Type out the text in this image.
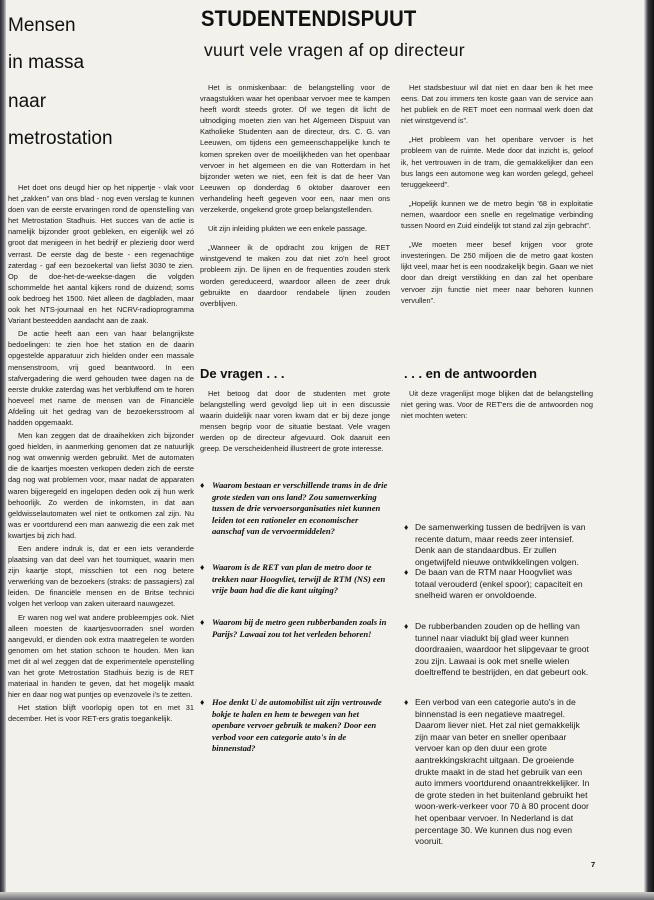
Mensen
in massa
naar
metrostation

Het doet ons deugd hier op het nippertje - vlak voor het „zakken” van ons blad - nog even verslag te kunnen doen van de eerste ervaringen rond de openstelling van het Metrostation Stadhuis. Het succes van de actie is namelijk bijzonder groot gebleken, en eigenlijk wel zó groot dat menigeen in het bedrijf er plezierig door werd verrast. De eerste dag de beste - een regenachtige zaterdag - gaf een bezoekertal van liefst 3030 te zien. Op de doe-het-de-weekse-dagen die volgden schommelde het aantal kijkers rond de duizend; soms ook bedroeg het 1500. Niet alleen de dagbladen, maar ook het NTS-journaal en het NCRV-radioprogramma Variant besteedden aandacht aan de zaak.

De actie heeft aan een van haar belangrijkste bedoelingen: te zien hoe het station en de daarin opgestelde apparatuur zich hielden onder een massale mensenstroom, vrij goed beantwoord. In een stafvergadering die werd gehouden twee dagen na de eerste drukke zaterdag was het verbluffend om te horen hoeveel met name de mensen van de Financiële Afdeling uit het gedrag van de bezoekersstroom al hadden opgemaakt.

Men kan zeggen dat de draaihekken zich bijzonder goed hielden, in aanmerking genomen dat ze natuurlijk nog wat onwennig werden gebruikt. Met de automaten die de kaartjes moesten verkopen deden zich de eerste dag nog wat problemen voor, maar nadat de apparaten waren bijgeregeld en ingelopen deden ook zij hun werk behoorlijk. Zo werden de inkomsten, in dat aan geldwisselautomaten wel niet te ontkomen zal zijn. Nu was er voortdurend een man aanwezig die een zak met kwartjes bij zich had.

Een andere indruk is, dat er een iets veranderde plaatsing van dat deel van het tourniquet, waarin men zijn kaartje stopt, misschien tot een nog betere verwerking van de bezoekers (straks: de passagiers) zal leiden. De financiële mensen en de Britse technici volgen het verloop van zaken uiteraard nauwgezet.

Er waren nog wel wat andere probleempjes ook. Niet alleen moesten de kaartjesvoorraden snel worden aangevuld, er dienden ook extra maatregelen te worden genomen om het station schoon te houden. Men kan met dit al wel zeggen dat de experimentele openstelling van het grote Metrostation Stadhuis bezig is de RET materiaal in handen te geven, dat het mogelijk maakt hier en daar nog wat puntjes op evenzovele i's te zetten.

Het station blijft voorlopig open tot en met 31 december. Het is voor RET-ers gratis toegankelijk.

STUDENTENDISPUUT
vuurt vele vragen af op directeur

Het is onmiskenbaar: de belangstelling voor de vraagstukken waar het openbaar vervoer mee te kampen heeft wordt steeds groter. Of we tegen dit licht de uitnodiging moeten zien van het Algemeen Dispuut van Katholieke Studenten aan de directeur, drs. C. G. van Leeuwen, om tijdens een gemeenschappelijke lunch te komen spreken over de moeilijkheden van het openbaar vervoer in het algemeen en die van Rotterdam in het bijzonder weten we niet, een feit is dat de heer Van Leeuwen op donderdag 6 oktober daarover een verhandeling heeft gegeven voor een, naar men ons verzekerde, ongekend grote groep belangstellenden.

Uit zijn inleiding plukten we een enkele passage.

„Wanneer ik de opdracht zou krijgen de RET winstgevend te maken zou dat niet zo'n heel groot probleem zijn. De lijnen en de frequenties zouden sterk worden gereduceerd, waardoor alleen de zeer druk gebruikte en daardoor rendabele lijnen zouden overblijven.

Het stadsbestuur wil dat niet en daar ben ik het mee eens. Dat zou immers ten koste gaan van de service aan het publiek en de RET moet een normaal werk doen dat niet winstgevend is”.

„Het probleem van het openbare vervoer is het probleem van de ruimte. Mede door dat inzicht is, geloof ik, het vertrouwen in de tram, die gemakkelijker dan een bus langs een automone weg kan worden gelegd, geheel teruggekeerd”.

„Hopelijk kunnen we de metro begin '68 in exploitatie nemen, waardoor een snelle en regelmatige verbinding tussen Noord en Zuid eindelijk tot stand zal zijn gebracht”.

„We moeten meer besef krijgen voor grote investeringen. De 250 miljoen die de metro gaat kosten lijkt veel, maar het is een noodzakelijk begin. Gaan we niet door dan dreigt verstikking en dan zal het openbare vervoer zijn functie niet meer naar behoren kunnen vervullen”.

De vragen . . .	. . . en de antwoorden

Het betoog dat door de studenten met grote belangstelling werd gevolgd liep uit in een discussie waarin duidelijk naar voren kwam dat er bij deze jonge mensen begrip voor de situatie bestaat. Vele vragen werden op de directeur afgevuurd. Ook daaruit een greep. De verscheidenheid illustreert de grote interesse.

Uit deze vragenlijst moge blijken dat de belangstelling niet gering was. Voor de RET'ers die de antwoorden nog niet mochten weten:

♦ Waarom bestaan er verschillende trams in de drie grote steden van ons land? Zou samenwerking tussen de drie vervoersorganisaties niet kunnen leiden tot een rationeler en economischer aanschaf van de vervoermiddelen?	♦ De samenwerking tussen de bedrijven is van recente datum, maar reeds zeer intensief. Denk aan de standaardbus. Er zullen ongetwijfeld nieuwe ontwikkelingen volgen.
♦ Waarom is de RET van plan de metro door te trekken naar Hoogvliet, terwijl de RTM (NS) een vrije baan had die die kant uitging?
♦ De baan van de RTM naar Hoogvliet was totaal verouderd (enkel spoor); capaciteit en snelheid waren er onvoldoende.
♦ Waarom bij de metro geen rubberbanden zoals in Parijs? Lawaai zou tot het verleden behoren!
♦ De rubberbanden zouden op de helling van tunnel naar viadukt bij glad weer kunnen doordraaien, waardoor het slipgevaar te groot zou zijn. Lawaai is ook met snelle wielen doeltreffend te bestrijden, en dat gebeurt ook.
♦ Hoe denkt U de automobilist uit zijn vertrouwde bokje te halen en hem te bewegen van het openbare vervoer gebruik te maken? Door een verbod voor een categorie auto's in de binnenstad?
♦ Een verbod van een categorie auto's in de binnenstad is een negatieve maatregel. Daarom liever niet. Het zal niet gemakkelijk zijn maar van beter en sneller openbaar vervoer kan op den duur een grote aantrekkingskracht uitgaan. De groeiende drukte maakt in de stad het gebruik van een auto immers voortdurend onaantrekkelijker. In de grote steden in het buitenland gebruikt het woon-werk-verkeer voor 70 à 80 procent door het openbaar vervoer. In Nederland is dat percentage 30. We kunnen dus nog even vooruit.
7
